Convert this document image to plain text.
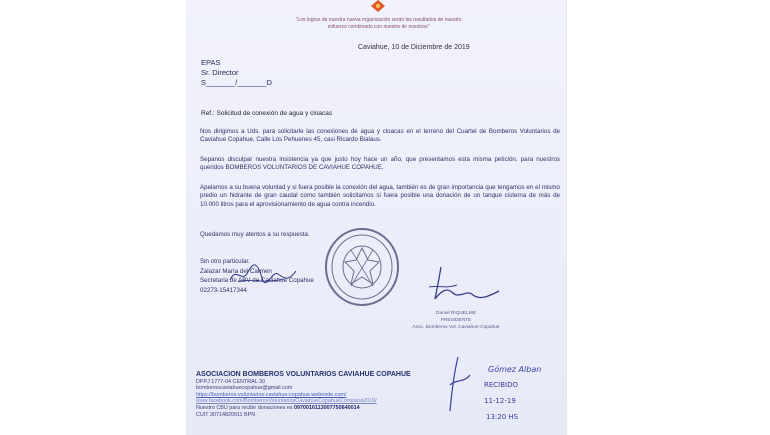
"Los logros de nuestra nueva organización serán los resultados de nuestro esfuerzo combinado con nuestro de nosotros"

Caviahue, 10 de Diciembre de 2019

EPAS
Sr. Director
S_______/_______D

Ref.: Solicitud de conexión de agua y cloacas

Nos dirigimos a Uds. para solicitarle las conexiones de agua y cloacas en el terreno del Cuartel de Bomberos Voluntarios de Caviahue Copahue, Calle Los Pehuenes 45, casi Ricardo Bialaus.

Sepanos disculpar nuestra insistencia ya que justo hoy hace un año, que presentamos esta misma petición, para nuestros queridos BOMBEROS VOLUNTARIOS DE CAVIAHUE COPAHUE.

Apelamos a su buena voluntad y si fuera posible la conexión del agua, también es de gran importancia que tengamos en el mismo predio un hidrante de gran caudal como también solicitamos si fuera posible una donación de un tanque cisterna de más de 10.000 litros para el aprovisionamiento de agua contra incendio.

Quedamos muy atentos a su respuesta.

Sin otro particular.
Zalazar María del Carmen
Secretaria de ABV de Caviahue Copahue
02273-15417344
Daniel RIQUELME
PRESIDENTE
Asoc. Bomberos Vol. Caviahue-Copahue
ASOCIACION BOMBEROS VOLUNTARIOS CAVIAHUE COPAHUE
DPPJ 1777-04 CENTRAL 30
bomberoscaviahuecopahue@gmail.com
https://bomberos-voluntarios-caviahue-copahue.webnode.com/
www.facebook.com/BomberosVoluntariosCaviahueCopahueCompana2019/
Nuestro CBU para recibir donaciones es 0970016113007750640014
CUIT 30714820911 BPN
Gómez Alban
RECIBIDO
11-12-19
13:20 HS
